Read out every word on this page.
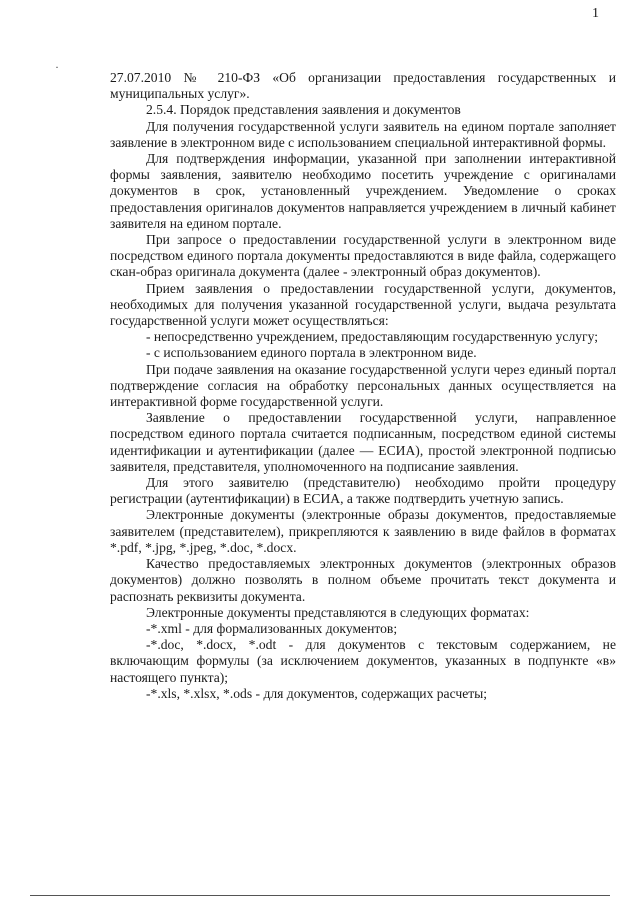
1
·

27.07.2010 № 210-ФЗ «Об организации предоставления государственных и муниципальных услуг».

2.5.4. Порядок представления заявления и документов

Для получения государственной услуги заявитель на едином портале заполняет заявление в электронном виде с использованием специальной интерактивной формы.

Для подтверждения информации, указанной при заполнении интерактивной формы заявления, заявителю необходимо посетить учреждение с оригиналами документов в срок, установленный учреждением. Уведомление о сроках предоставления оригиналов документов направляется учреждением в личный кабинет заявителя на едином портале.

При запросе о предоставлении государственной услуги в электронном виде посредством единого портала документы предоставляются в виде файла, содержащего скан-образ оригинала документа (далее - электронный образ документов).

Прием заявления о предоставлении государственной услуги, документов, необходимых для получения указанной государственной услуги, выдача результата государственной услуги может осуществляться:

- непосредственно учреждением, предоставляющим государственную услугу;

- с использованием единого портала в электронном виде.

При подаче заявления на оказание государственной услуги через единый портал подтверждение согласия на обработку персональных данных осуществляется на интерактивной форме государственной услуги.

Заявление о предоставлении государственной услуги, направленное посредством единого портала считается подписанным, посредством единой системы идентификации и аутентификации (далее — ЕСИА), простой электронной подписью заявителя, представителя, уполномоченного на подписание заявления.

Для этого заявителю (представителю) необходимо пройти процедуру регистрации (аутентификации) в ЕСИА, а также подтвердить учетную запись.

Электронные документы (электронные образы документов, предоставляемые заявителем (представителем), прикрепляются к заявлению в виде файлов в форматах *.pdf, *.jpg, *.jpeg, *.doc, *.docx.

Качество предоставляемых электронных документов (электронных образов документов) должно позволять в полном объеме прочитать текст документа и распознать реквизиты документа.

Электронные документы представляются в следующих форматах:

-*.xml - для формализованных документов;

-*.doc, *.docx, *.odt - для документов с текстовым содержанием, не включающим формулы (за исключением документов, указанных в подпункте «в» настоящего пункта);

-*.xls, *.xlsx, *.ods - для документов, содержащих расчеты;
